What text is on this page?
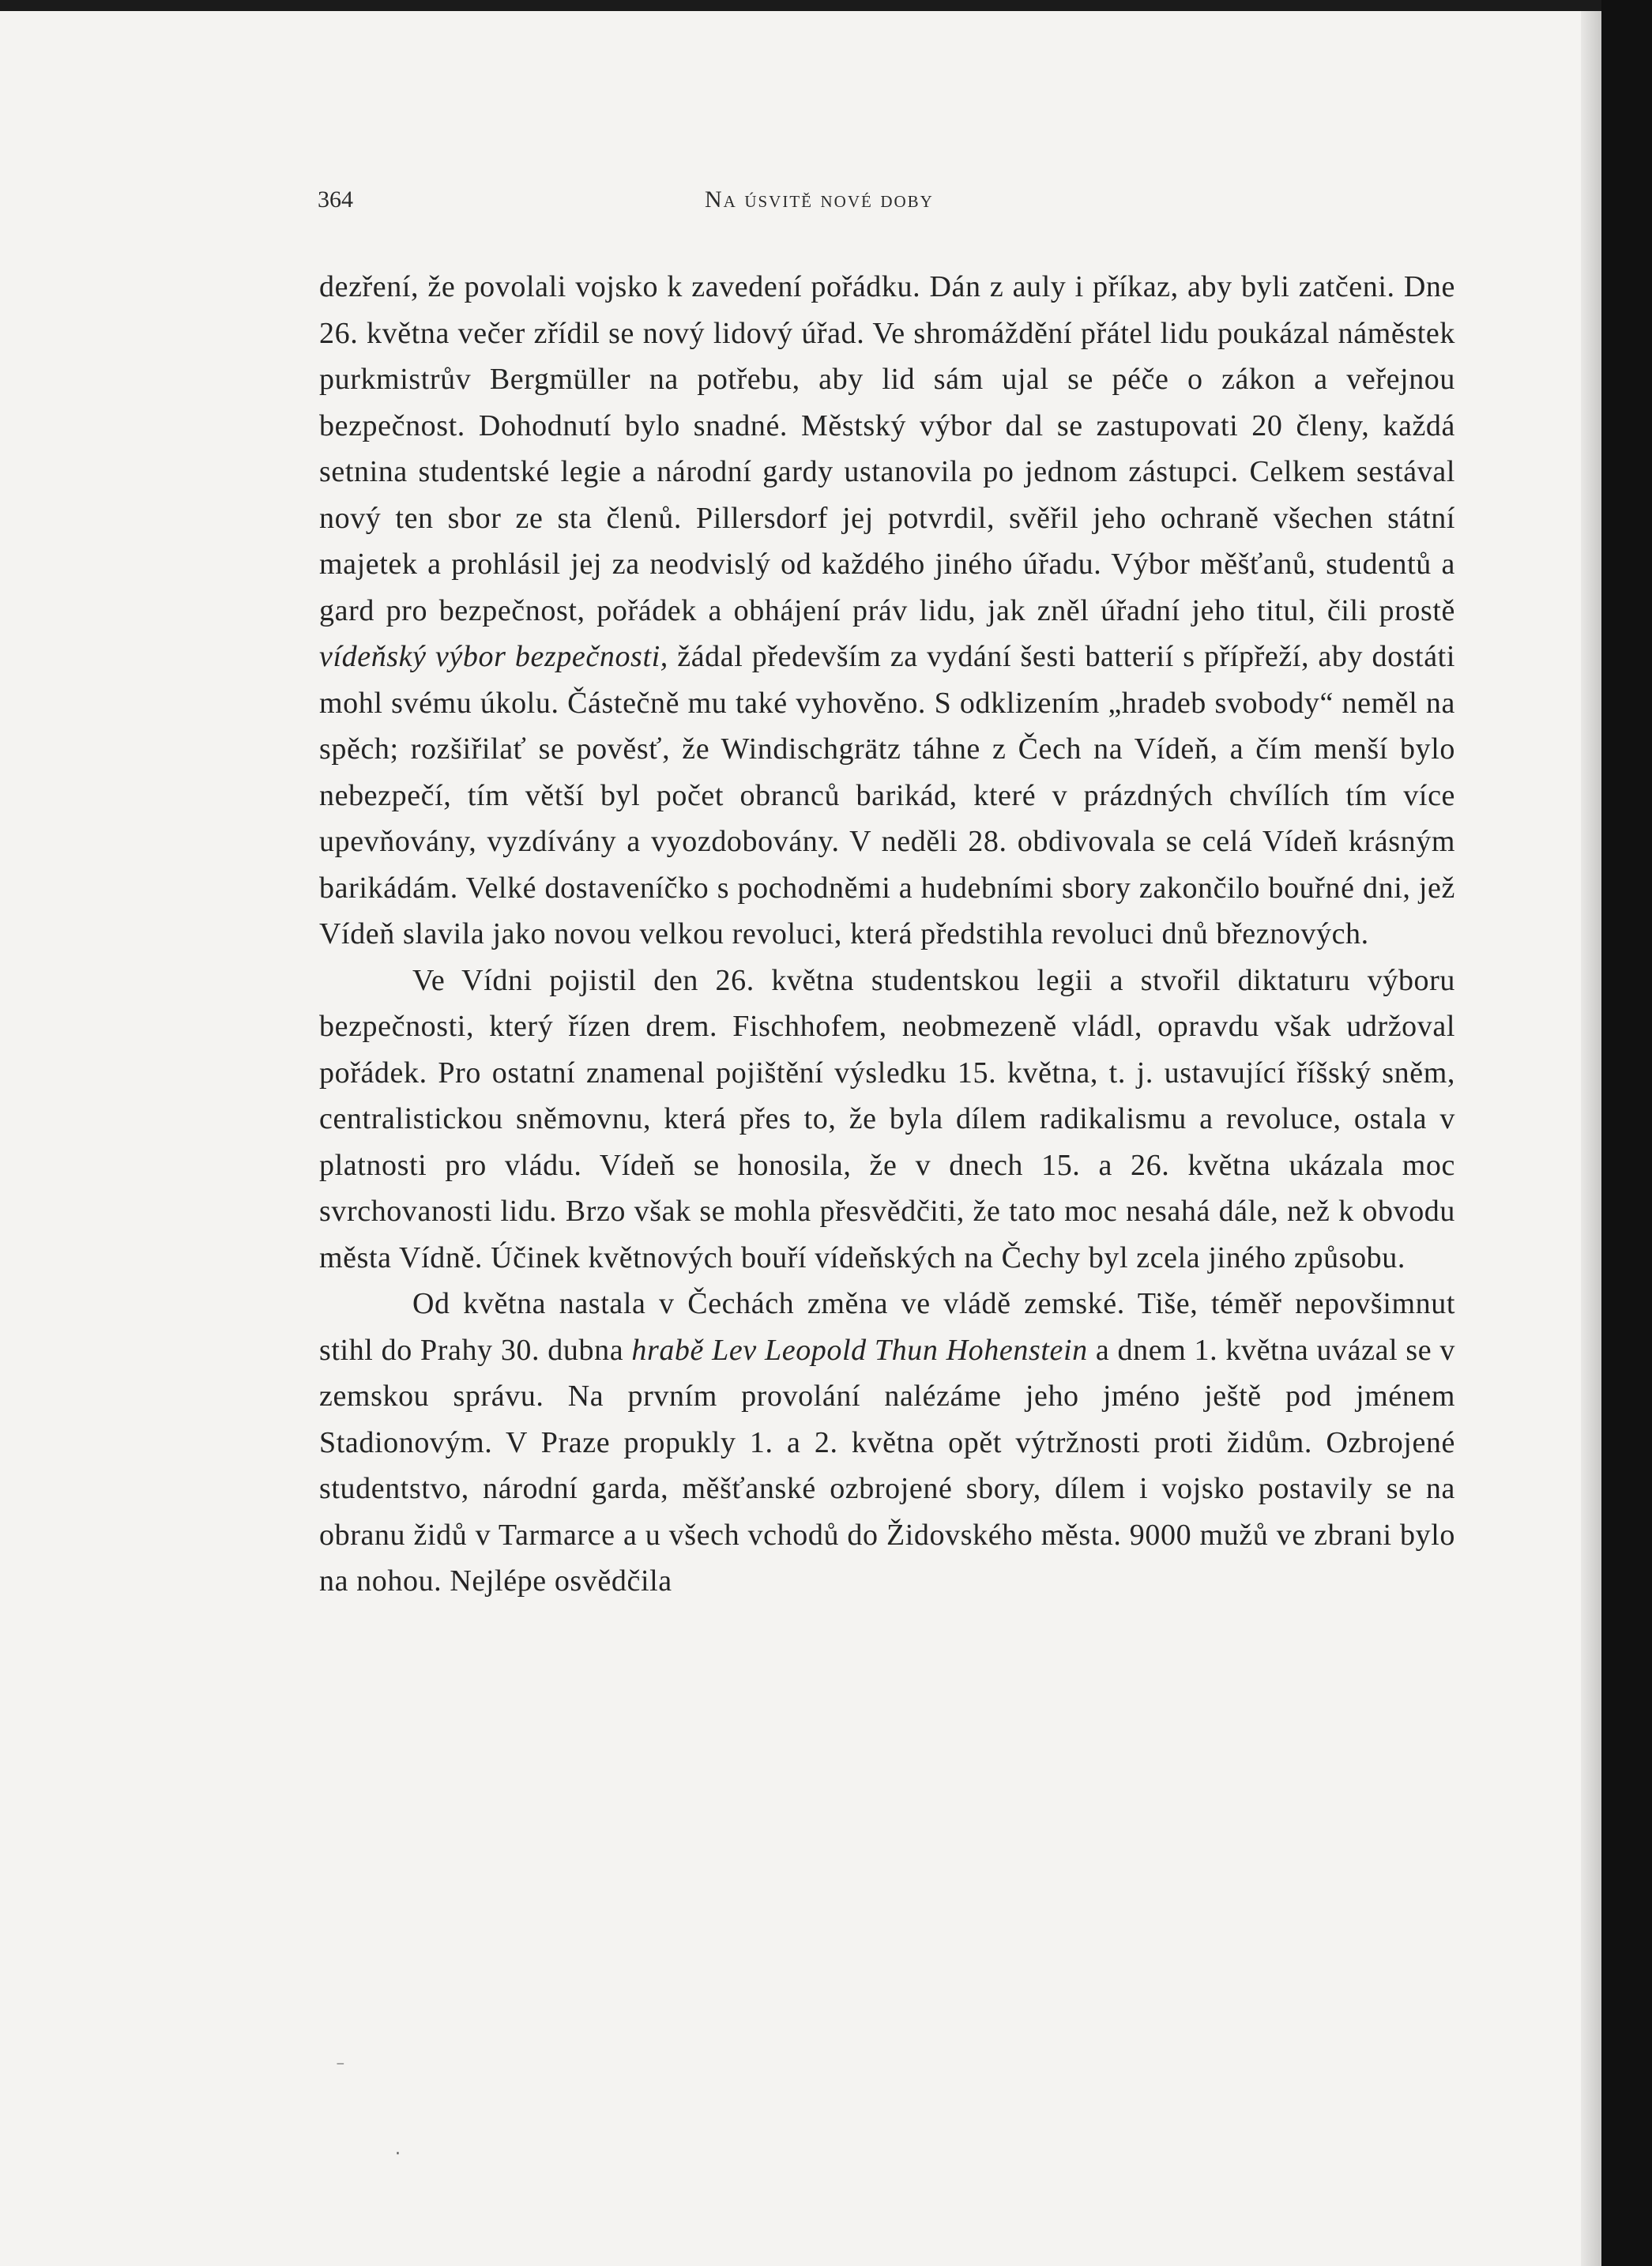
364	Na úsvitě nové doby

dezření, že povolali vojsko k zavedení pořádku. Dán z auly i příkaz, aby byli zatčeni. Dne 26. května večer zřídil se nový lidový úřad. Ve shromáždění přátel lidu poukázal náměstek purkmistrův Bergmüller na potřebu, aby lid sám ujal se péče o zákon a veřejnou bezpečnost. Dohodnutí bylo snadné. Městský výbor dal se zastupovati 20 členy, každá setnina studentské legie a národní gardy ustanovila po jednom zástupci. Celkem sestával nový ten sbor ze sta členů. Pillersdorf jej potvrdil, svěřil jeho ochraně všechen státní majetek a prohlásil jej za neodvislý od každého jiného úřadu. Výbor měšťanů, studentů a gard pro bezpečnost, pořádek a obhájení práv lidu, jak zněl úřadní jeho titul, čili prostě vídeňský výbor bezpečnosti, žádal především za vydání šesti batterií s přípřeží, aby dostáti mohl svému úkolu. Částečně mu také vyhověno. S odklizením „hradeb svobody“ neměl na spěch; rozšiřilať se pověsť, že Windischgrätz táhne z Čech na Vídeň, a čím menší bylo nebezpečí, tím větší byl počet obranců barikád, které v prázdných chvílích tím více upevňovány, vyzdívány a vyozdobovány. V neděli 28. obdivovala se celá Vídeň krásným barikádám. Velké dostaveníčko s pochodněmi a hudebními sbory zakončilo bouřné dni, jež Vídeň slavila jako novou velkou revoluci, která předstihla revoluci dnů březnových.

Ve Vídni pojistil den 26. května studentskou legii a stvořil diktaturu výboru bezpečnosti, který řízen drem. Fischhofem, neobmezeně vládl, opravdu však udržoval pořádek. Pro ostatní znamenal pojištění výsledku 15. května, t. j. ustavující říšský sněm, centralistickou sněmovnu, která přes to, že byla dílem radikalismu a revoluce, ostala v platnosti pro vládu. Vídeň se honosila, že v dnech 15. a 26. května ukázala moc svrchovanosti lidu. Brzo však se mohla přesvědčiti, že tato moc nesahá dále, než k obvodu města Vídně. Účinek květnových bouří vídeňských na Čechy byl zcela jiného způsobu.

Od května nastala v Čechách změna ve vládě zemské. Tiše, téměř nepovšimnut stihl do Prahy 30. dubna hrabě Lev Leopold Thun Hohenstein a dnem 1. května uvázal se v zemskou správu. Na prvním provolání nalézáme jeho jméno ještě pod jménem Stadionovým. V Praze propukly 1. a 2. května opět výtržnosti proti židům. Ozbrojené studentstvo, národní garda, měšťanské ozbrojené sbory, dílem i vojsko postavily se na obranu židů v Tarmarce a u všech vchodů do Židovského města. 9000 mužů ve zbrani bylo na nohou. Nejlépe osvědčila

⁻
·
